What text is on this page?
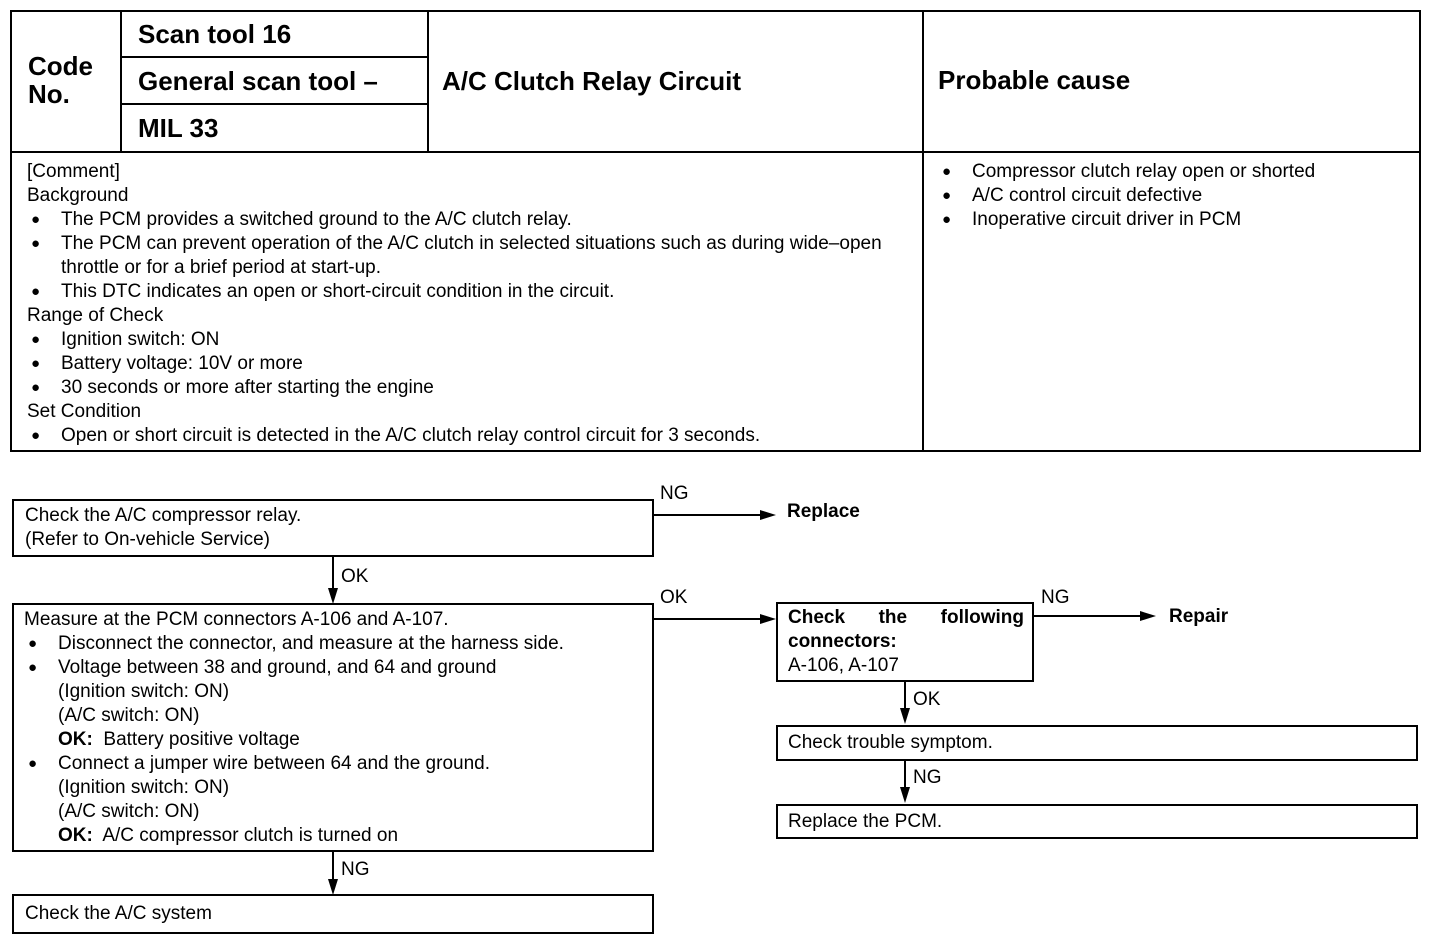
Code No.
Scan tool 16
General scan tool –
MIL 33
A/C Clutch Relay Circuit	Probable cause
[Comment]
Background
● The PCM provides a switched ground to the A/C clutch relay.
● The PCM can prevent operation of the A/C clutch in selected situations such as during wide–open throttle or for a brief period at start-up.
● This DTC indicates an open or short-circuit condition in the circuit.
Range of Check
● Ignition switch: ON
● Battery voltage: 10V or more
● 30 seconds or more after starting the engine
Set Condition
● Open or short circuit is detected in the A/C clutch relay control circuit for 3 seconds.
● Compressor clutch relay open or shorted
● A/C control circuit defective
● Inoperative circuit driver in PCM
Check the A/C compressor relay.
(Refer to On-vehicle Service)
NG
Replace
OK
Measure at the PCM connectors A-106 and A-107.
● Disconnect the connector, and measure at the harness side.
● Voltage between 38 and ground, and 64 and ground
(Ignition switch: ON)
(A/C switch: ON)
OK: Battery positive voltage
● Connect a jumper wire between 64 and the ground.
(Ignition switch: ON)
(A/C switch: ON)
OK: A/C compressor clutch is turned on
OK
NG
Check the A/C system
Check the following connectors:
A-106, A-107
NG
Repair
OK
Check trouble symptom.
NG
Replace the PCM.
